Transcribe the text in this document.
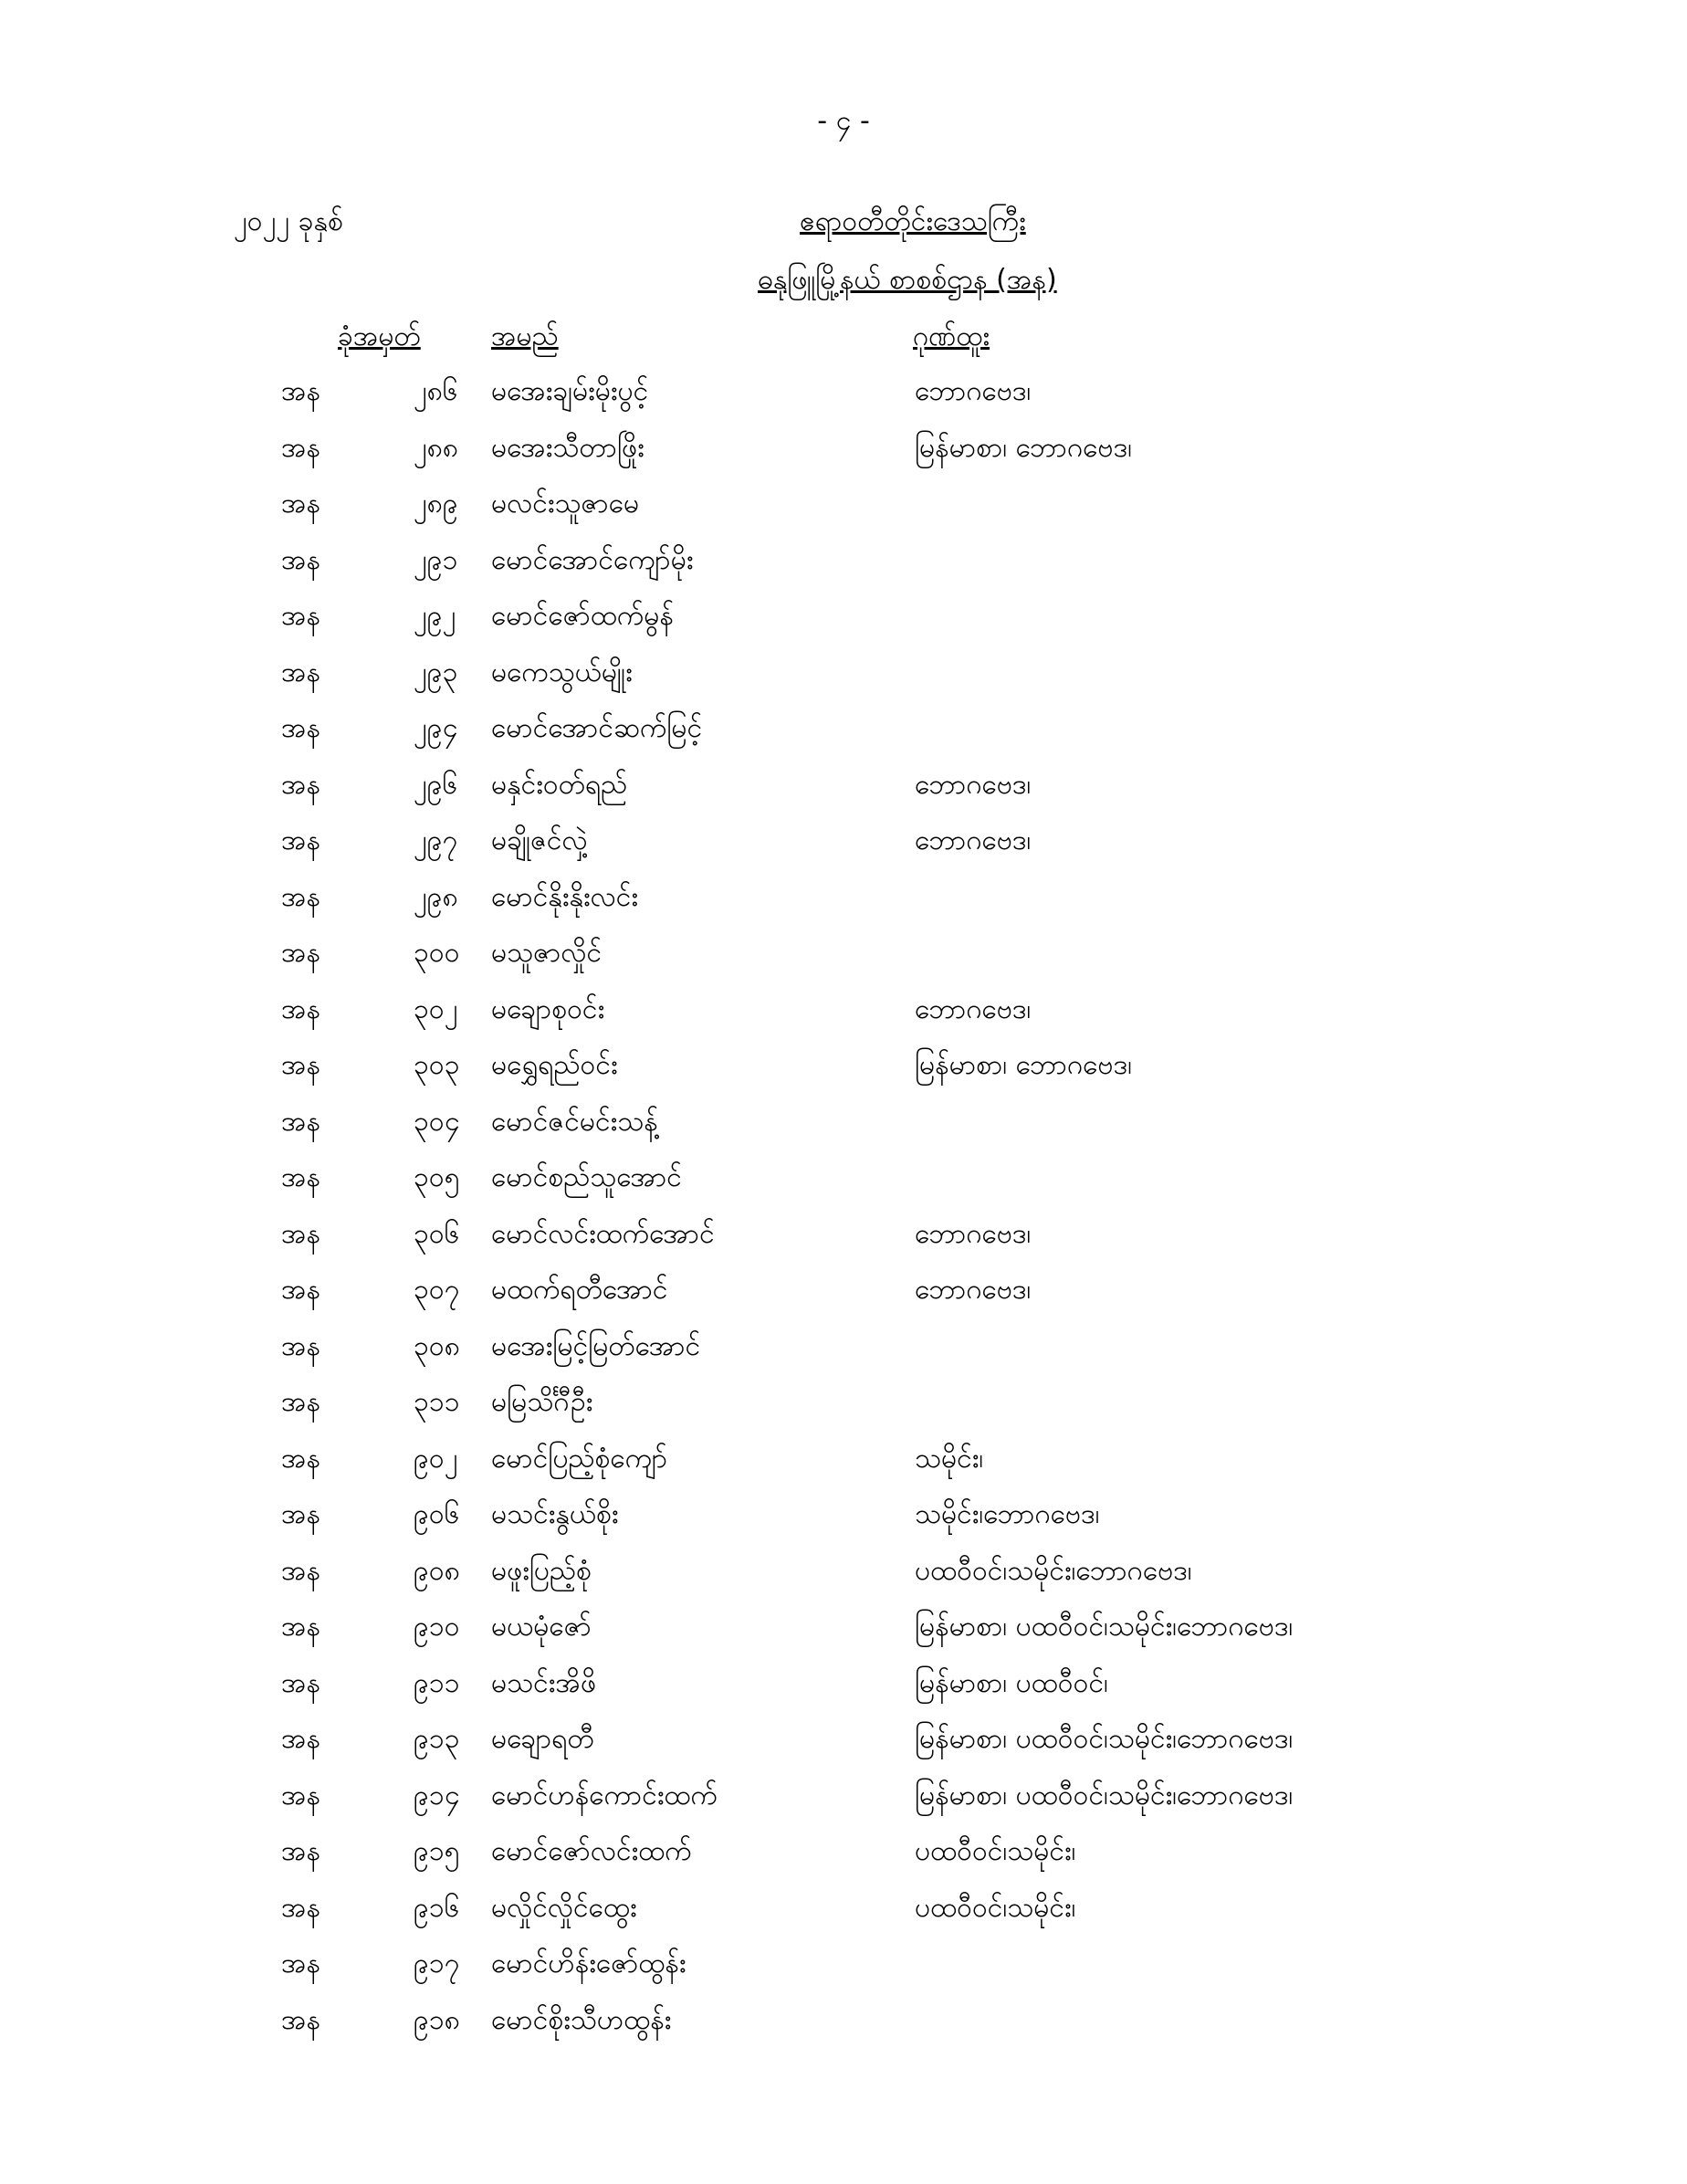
- ၄ -
၂၀၂၂ ခုနှစ်	ဧရာဝတီတိုင်းဒေသကြီး
ဓနုဖြူမြို့နယ် စာစစ်ဌာန (အန)
ခုံအမှတ်	အမည်	ဂုဏ်ထူး
အန	၂၈၆ မအေးချမ်းမိုးပွင့်	ဘောဂဗေဒ၊
အန	၂၈၈ မအေးသီတာဖြိုး	မြန်မာစာ၊ ဘောဂဗေဒ၊
အန	၂၈၉ မလင်းသူဇာမေ
အန	၂၉၁ မောင်အောင်ကျော်မိုး
အန	၂၉၂ မောင်ဇော်ထက်မွန်
အန	၂၉၃ မကေသွယ်မျိုး
အန	၂၉၄ မောင်အောင်ဆက်မြင့်
အန	၂၉၆ မနှင်းဝတ်ရည်	ဘောဂဗေဒ၊
အန	၂၉၇ မချိုဇင်လှဲ့	ဘောဂဗေဒ၊
အန	၂၉၈ မောင်နိုးနိုးလင်း
အန	၃၀၀ မသူဇာလှိုင်
အန	၃၀၂ မချောစုဝင်း	ဘောဂဗေဒ၊
အန	၃၀၃ မရွှေရည်ဝင်း	မြန်မာစာ၊ ဘောဂဗေဒ၊
အန	၃၀၄ မောင်ဇင်မင်းသန့်
အန	၃၀၅ မောင်စည်သူအောင်
အန	၃၀၆ မောင်လင်းထက်အောင်	ဘောဂဗေဒ၊
အန	၃၀၇ မထက်ရတီအောင်	ဘောဂဗေဒ၊
အန	၃၀၈ မအေးမြင့်မြတ်အောင်
အန	၃၁၁ မမြသိင်္ဂီဦး
အန	၉၀၂ မောင်ပြည့်စုံကျော်	သမိုင်း၊
အန	၉၀၆ မသင်းနွယ်စိုး	သမိုင်း၊ဘောဂဗေဒ၊
အန	၉၀၈ မဖူးပြည့်စုံ	ပထဝီဝင်၊သမိုင်း၊ဘောဂဗေဒ၊
အန	၉၁၀ မယမုံဇော်	မြန်မာစာ၊ ပထဝီဝင်၊သမိုင်း၊ဘောဂဗေဒ၊
အန	၉၁၁ မသင်းအိဖိ	မြန်မာစာ၊ ပထဝီဝင်၊
အန	၉၁၃ မချောရတီ	မြန်မာစာ၊ ပထဝီဝင်၊သမိုင်း၊ဘောဂဗေဒ၊
အန	၉၁၄ မောင်ဟန်ကောင်းထက်	မြန်မာစာ၊ ပထဝီဝင်၊သမိုင်း၊ဘောဂဗေဒ၊
အန	၉၁၅ မောင်ဇော်လင်းထက်	ပထဝီဝင်၊သမိုင်း၊
အန	၉၁၆ မလှိုင်လှိုင်ထွေး	ပထဝီဝင်၊သမိုင်း၊
အန	၉၁၇ မောင်ဟိန်းဇော်ထွန်း
အန	၉၁၈ မောင်စိုးသီဟထွန်း
